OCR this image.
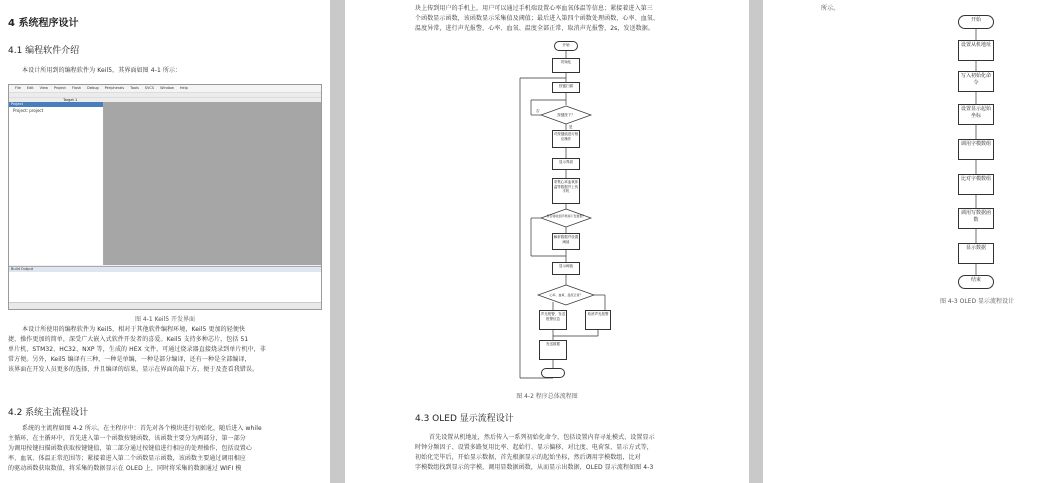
4 系统程序设计
4.1 编程软件介绍
本设计所用到的编程软件为 Keil5，其界面如图 4-1 所示：
File Edit View Project Flash Debug Peripherals Tools SVCS Window Help
$^{Target 1}$
Project
Project: project
Build Output
图 4-1 Keil5 开发界面
本设计所使用的编程软件为 Keil5，相对于其他软件编程环境，Keil5 更加的轻便快
捷，操作更加的简单，深受广大嵌入式软件开发者的喜爱。Keil5 支持多种芯片，包括 51
单片机、STM32、HC32、NXP 等，生成的 HEX 文件，可通过烧录器直接烧录到单片机中，非
常方便。另外，Keil5 编译有三种，一种是单编，一种是部分编译，还有一种是全部编译，
该界面在开发人员更多的选择，并且编译的结果，显示在界面的最下方，便于及查看我错误。
4.2 系统主流程设计
系统的主流程如图 4-2 所示。在主程序中：首先对各个模块进行初始化，随后进入 while
主循环，在主循环中，首先进入第一个函数按键函数，该函数主要分为两部分，第一部分
为调用按键扫描函数获取按键键值，第二部分通过按键值进行相应的处理操作，包括设置心
率、血氧、体温正常范围等；紧接着进入第二个函数显示函数，该函数主要通过调用相应
的驱动函数获取数值，将采集的数据显示在 OLED 上，同时将采集的数据通过 WIFI 模
块上传到用户的手机上，用户可以通过手机端设置心率血氧体温等信息；紧接着进入第三
个函数显示函数，该函数显示采集值及阈值；最后进入第四个函数处理函数，心率、血氧、
温度异常，进行声光报警，心率、血氧、温度全部正常，取消声光报警，2s，发送数据。
开始
初始化
按键扫描
按键按下？
对按键值进行相应操作
显示界面
采集心率血氧体温等数据并上传手机
是否接收到手机端下发数据？
解析数据并设置阈值
显示阈值
心率、血氧、温度正常？
声光报警，发送报警信息
取消声光报警
发送数据
否
是
图 4-2 程序总体流程图
4.3 OLED 显示流程设计
首先设置从机地址，然后传入一系列初始化命令，包括设置内存寻址模式、设置显示
时钟分频因子、设置多路复用比率、起始行、显示偏移、对比度、电荷泵、显示方式等，
初始化完毕后，开始显示数据，首先根据显示的起始坐标，然后调用字模数组，比对
字模数组找到显示的字模，调用显数据函数，从而显示出数据，OLED 显示流程如图 4-3
所示。
开始
设置从机地址
写入初始化命令
设置显示起始坐标
调用字模数组
比对字模数组
调用写数据函数
显示数据
结束
图 4-3 OLED 显示流程设计
